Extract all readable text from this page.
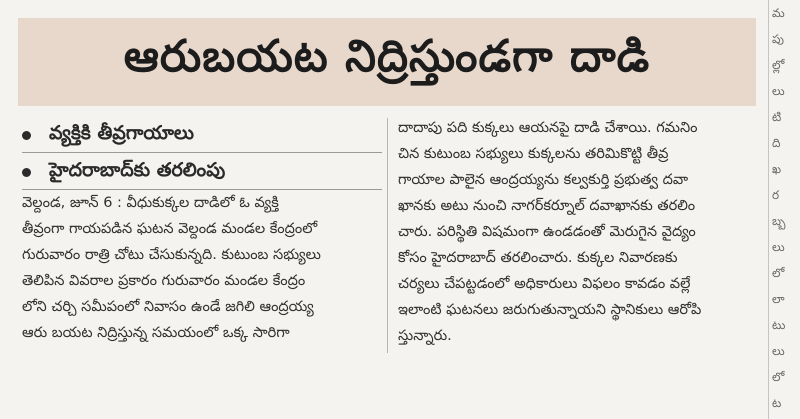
ఆరుబయట నిద్రిస్తుండగా దాడి
వ్యక్తికి తీవ్రగాయాలు
హైదరాబాద్‌కు తరలింపు
వెల్దండ, జూన్ 6 : వీధుకుక్కల దాడిలో ఓ వ్యక్తి
తీవ్రంగా గాయపడిన ఘటన వెల్దండ మండల కేంద్రంలో
గురువారం రాత్రి చోటు చేసుకున్నది. కుటుంబ సభ్యులు
తెలిపిన వివరాల ప్రకారం గురువారం మండల కేంద్రం
లోని చర్చి సమీపంలో నివాసం ఉండే జగిలి ఆంద్రయ్య
ఆరు బయట నిద్రిస్తున్న సమయంలో ఒక్క సారిగా
దాదాపు పది కుక్కలు ఆయనపై దాడి చేశాయి. గమనిం
చిన కుటుంబ సభ్యులు కుక్కలను తరిమికొట్టి తీవ్ర
గాయాల పాలైన ఆంద్రయ్యను కల్వకుర్తి ప్రభుత్వ దవా
ఖానకు అటు నుంచి నాగర్‌కర్నూల్ దవాఖానకు తరలిం
చారు. పరిస్థితి విషమంగా ఉండడంతో మెరుగైన వైద్యం
కోసం హైదరాబాద్ తరలించారు. కుక్కల నివారణకు
చర్యలు చేపట్టడంలో అధికారులు విఫలం కావడం వల్లే
ఇలాంటి ఘటనలు జరుగుతున్నాయని స్థానికులు ఆరోపి
స్తున్నారు.
మ
పు
ల్లో
లు
టి
ది
ఖ
ర
బ్బ
లు
లో
లా
టు
లు
లో
ట
